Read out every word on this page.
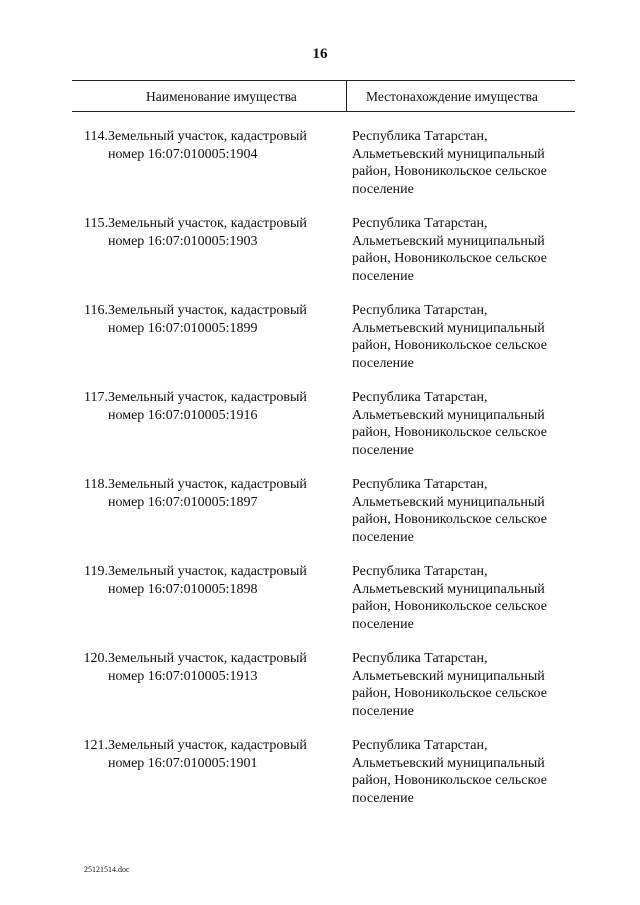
16
Наименование имущества	Местонахождение имущества
114. Земельный участок, кадастровый
номер 16:07:010005:1904
Республика Татарстан,
Альметьевский муниципальный
район, Новоникольское сельское
поселение
115. Земельный участок, кадастровый
номер 16:07:010005:1903
Республика Татарстан,
Альметьевский муниципальный
район, Новоникольское сельское
поселение
116. Земельный участок, кадастровый
номер 16:07:010005:1899
Республика Татарстан,
Альметьевский муниципальный
район, Новоникольское сельское
поселение
117. Земельный участок, кадастровый
номер 16:07:010005:1916
Республика Татарстан,
Альметьевский муниципальный
район, Новоникольское сельское
поселение
118. Земельный участок, кадастровый
номер 16:07:010005:1897
Республика Татарстан,
Альметьевский муниципальный
район, Новоникольское сельское
поселение
119. Земельный участок, кадастровый
номер 16:07:010005:1898
Республика Татарстан,
Альметьевский муниципальный
район, Новоникольское сельское
поселение
120. Земельный участок, кадастровый
номер 16:07:010005:1913
Республика Татарстан,
Альметьевский муниципальный
район, Новоникольское сельское
поселение
121. Земельный участок, кадастровый
номер 16:07:010005:1901
Республика Татарстан,
Альметьевский муниципальный
район, Новоникольское сельское
поселение
25121514.doc
